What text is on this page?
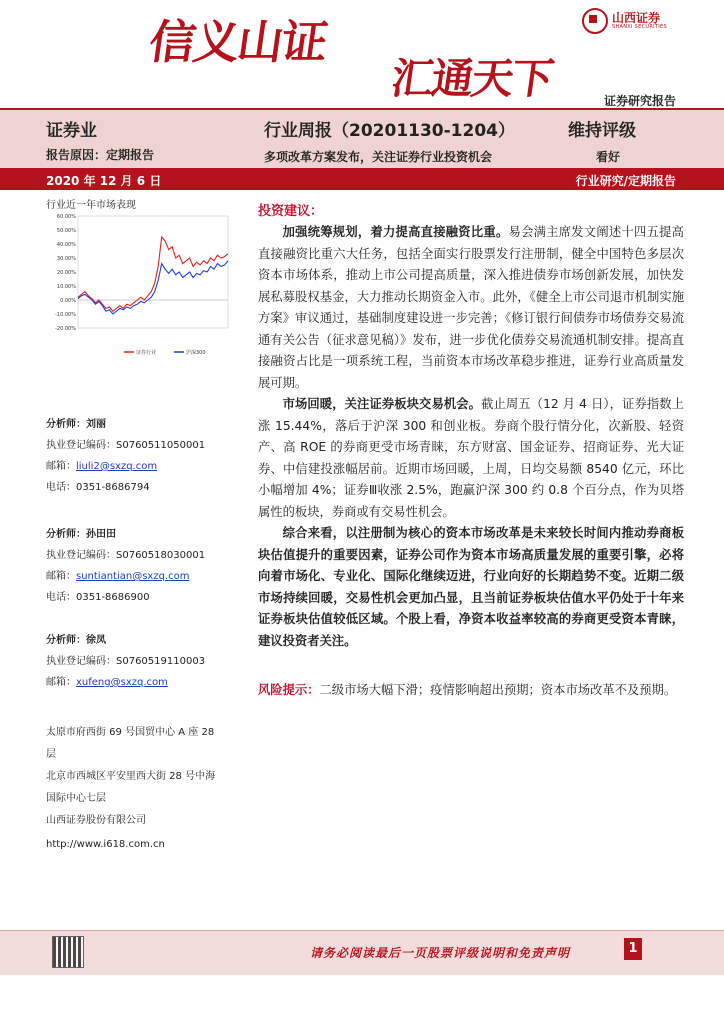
信义山证
汇通天下
山西证券
SHANXI SECURITIES
证券研究报告
证券业	行业周报（20201130-1204）	维持评级
报告原因：定期报告	多项改革方案发布，关注证券行业投资机会	看好
2020 年 12 月 6 日	行业研究/定期报告
行业近一年市场表现
60.00%
50.00%
40.00%
30.00%
20.00%
10.00%
0.00%
-10.00%
-20.00%
证券行业	沪深300
分析师：刘丽
执业登记编码：S0760511050001
邮箱：liuli2@sxzq.com
电话：0351-8686794
分析师：孙田田
执业登记编码：S0760518030001
邮箱：suntiantian@sxzq.com
电话：0351-8686900
分析师：徐凤
执业登记编码：S0760519110003
邮箱：xufeng@sxzq.com
太原市府西街 69 号国贸中心 A 座 28 层
北京市西城区平安里西大街 28 号中海国际中心七层
山西证券股份有限公司
http://www.i618.com.cn
投资建议：

加强统筹规划，着力提高直接融资比重。易会满主席发文阐述十四五提高直接融资比重六大任务，包括全面实行股票发行注册制，健全中国特色多层次资本市场体系，推动上市公司提高质量，深入推进债券市场创新发展，加快发展私募股权基金，大力推动长期资金入市。此外，《健全上市公司退市机制实施方案》审议通过，基础制度建设进一步完善；《修订银行间债券市场债券交易流通有关公告（征求意见稿）》发布，进一步优化债券交易流通机制安排。提高直接融资占比是一项系统工程，当前资本市场改革稳步推进，证券行业高质量发展可期。

市场回暖，关注证券板块交易机会。截止周五（12 月 4 日），证券指数上涨 15.44%，落后于沪深 300 和创业板。券商个股行情分化，次新股、轻资产、高 ROE 的券商更受市场青睐，东方财富、国金证券、招商证券、光大证券、中信建投涨幅居前。近期市场回暖，上周，日均交易额 8540 亿元，环比小幅增加 4%；证券Ⅲ收涨 2.5%，跑赢沪深 300 约 0.8 个百分点，作为贝塔属性的板块，券商或有交易性机会。

综合来看，以注册制为核心的资本市场改革是未来较长时间内推动券商板块估值提升的重要因素，证券公司作为资本市场高质量发展的重要引擎，必将向着市场化、专业化、国际化继续迈进，行业向好的长期趋势不变。近期二级市场持续回暖，交易性机会更加凸显，且当前证券板块估值水平仍处于十年来证券板块估值较低区域。个股上看，净资本收益率较高的券商更受资本青睐，建议投资者关注。

风险提示：二级市场大幅下滑；疫情影响超出预期；资本市场改革不及预期。

请务必阅读最后一页股票评级说明和免责声明	1
